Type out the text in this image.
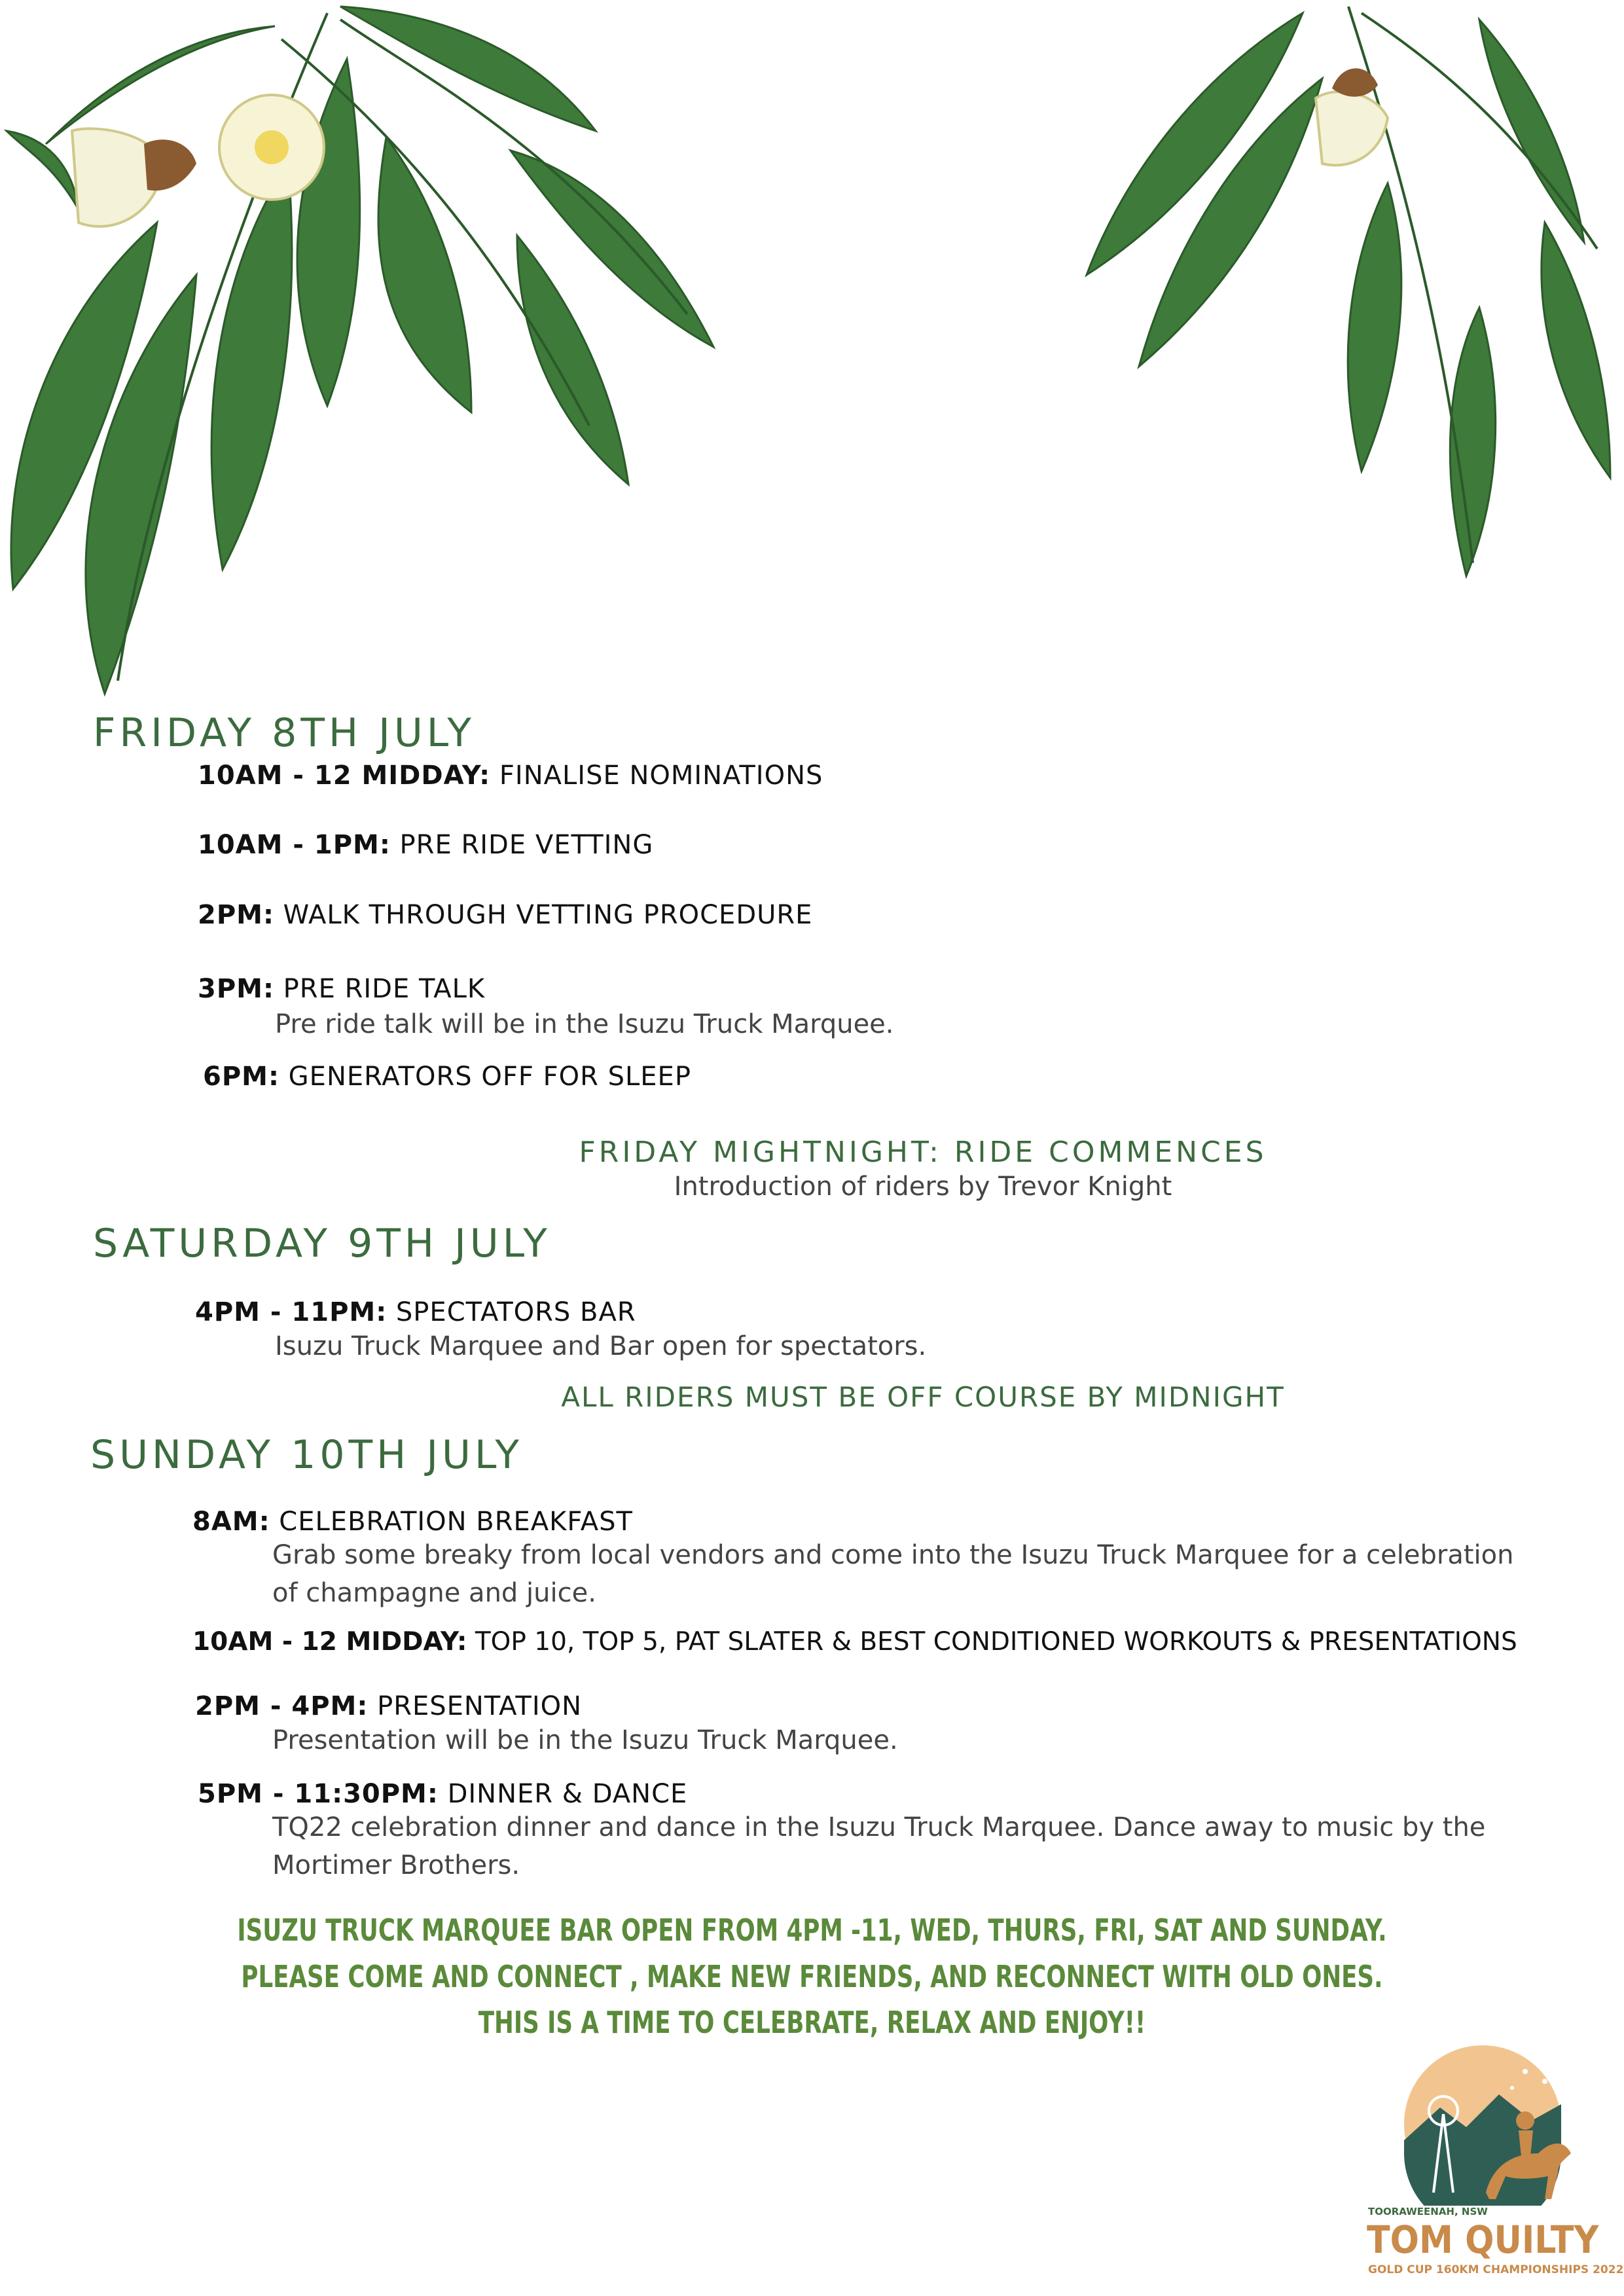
FRIDAY 8TH JULY
10AM - 12 MIDDAY: FINALISE NOMINATIONS
10AM - 1PM: PRE RIDE VETTING
2PM: WALK THROUGH VETTING PROCEDURE
3PM: PRE RIDE TALK
Pre ride talk will be in the Isuzu Truck Marquee.
6PM: GENERATORS OFF FOR SLEEP
FRIDAY MIGHTNIGHT: RIDE COMMENCES
Introduction of riders by Trevor Knight
SATURDAY 9TH JULY
4PM - 11PM: SPECTATORS BAR
Isuzu Truck Marquee and Bar open for spectators.
ALL RIDERS MUST BE OFF COURSE BY MIDNIGHT
SUNDAY 10TH JULY
8AM: CELEBRATION BREAKFAST
Grab some breaky from local vendors and come into the Isuzu Truck Marquee for a celebration of champagne and juice.
10AM - 12 MIDDAY: TOP 10, TOP 5, PAT SLATER & BEST CONDITIONED WORKOUTS & PRESENTATIONS
2PM - 4PM: PRESENTATION
Presentation will be in the Isuzu Truck Marquee.
5PM - 11:30PM: DINNER & DANCE
TQ22 celebration dinner and dance in the Isuzu Truck Marquee. Dance away to music by the Mortimer Brothers.
ISUZU TRUCK MARQUEE BAR OPEN FROM 4PM -11, WED, THURS, FRI, SAT AND SUNDAY.
PLEASE COME AND CONNECT , MAKE NEW FRIENDS, AND RECONNECT WITH OLD ONES.
THIS IS A TIME TO CELEBRATE, RELAX AND ENJOY!!
TOORAWEENAH, NSW
TOM QUILTY
GOLD CUP 160KM CHAMPIONSHIPS 2022
